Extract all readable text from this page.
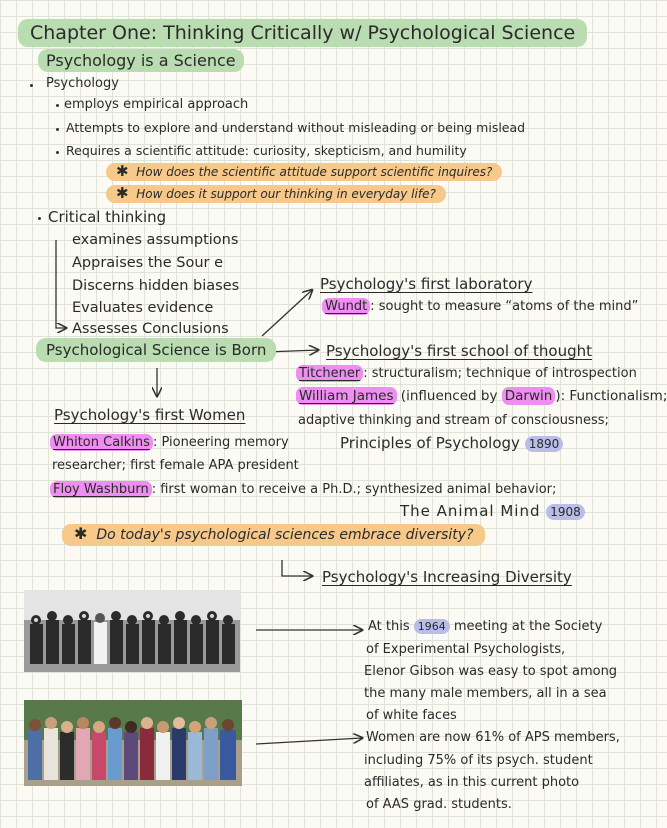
Chapter One: Thinking Critically w/ Psychological Science
Psychology is a Science
Psychology
employs empirical approach
Attempts to explore and understand without misleading or being mislead
Requires a scientific attitude: curiosity, skepticism, and humility
✱ How does the scientific attitude support scientific inquires?
✱ How does it support our thinking in everyday life?
Critical thinking
examines assumptions
Appraises the Sour e
Discerns hidden biases
Evaluates evidence
Assesses Conclusions
Psychological Science is Born
Psychology's first laboratory
Wundt : sought to measure “atoms of the mind”
Psychology's first school of thought
Titchener : structuralism; technique of introspection
William James (influenced by Darwin ): Functionalism;
adaptive thinking and stream of consciousness;
Principles of Psychology 1890
Psychology's first Women
Whiton Calkins : Pioneering memory
researcher; first female APA president
Floy Washburn : first woman to receive a Ph.D.; synthesized animal behavior;
The Animal Mind 1908
✱ Do today's psychological sciences embrace diversity?
Psychology's Increasing Diversity
At this 1964 meeting at the Society
of Experimental Psychologists,
Elenor Gibson was easy to spot among
the many male members, all in a sea
of white faces
Women are now 61% of APS members,
including 75% of its psych. student
affiliates, as in this current photo
of AAS grad. students.
